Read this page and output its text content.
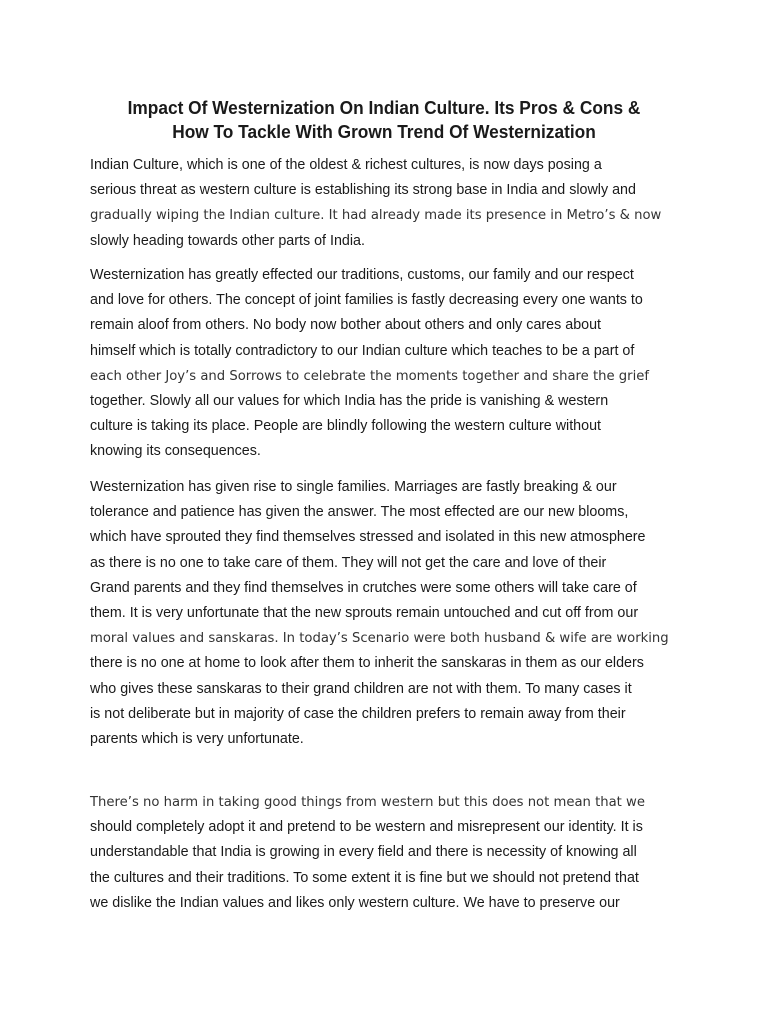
Impact Of Westernization On Indian Culture. Its Pros & Cons &
How To Tackle With Grown Trend Of Westernization

Indian Culture, which is one of the oldest & richest cultures, is now days posing a
serious threat as western culture is establishing its strong base in India and slowly and
gradually wiping the Indian culture. It had already made its presence in Metro’s & now
slowly heading towards other parts of India.

Westernization has greatly effected our traditions, customs, our family and our respect
and love for others. The concept of joint families is fastly decreasing every one wants to
remain aloof from others. No body now bother about others and only cares about
himself which is totally contradictory to our Indian culture which teaches to be a part of
each other Joy’s and Sorrows to celebrate the moments together and share the grief
together. Slowly all our values for which India has the pride is vanishing & western
culture is taking its place. People are blindly following the western culture without
knowing its consequences.

Westernization has given rise to single families. Marriages are fastly breaking & our
tolerance and patience has given the answer. The most effected are our new blooms,
which have sprouted they find themselves stressed and isolated in this new atmosphere
as there is no one to take care of them. They will not get the care and love of their
Grand parents and they find themselves in crutches were some others will take care of
them. It is very unfortunate that the new sprouts remain untouched and cut off from our
moral values and sanskaras. In today’s Scenario were both husband & wife are working
there is no one at home to look after them to inherit the sanskaras in them as our elders
who gives these sanskaras to their grand children are not with them. To many cases it
is not deliberate but in majority of case the children prefers to remain away from their
parents which is very unfortunate.

There’s no harm in taking good things from western but this does not mean that we
should completely adopt it and pretend to be western and misrepresent our identity. It is
understandable that India is growing in every field and there is necessity of knowing all
the cultures and their traditions. To some extent it is fine but we should not pretend that
we dislike the Indian values and likes only western culture. We have to preserve our
